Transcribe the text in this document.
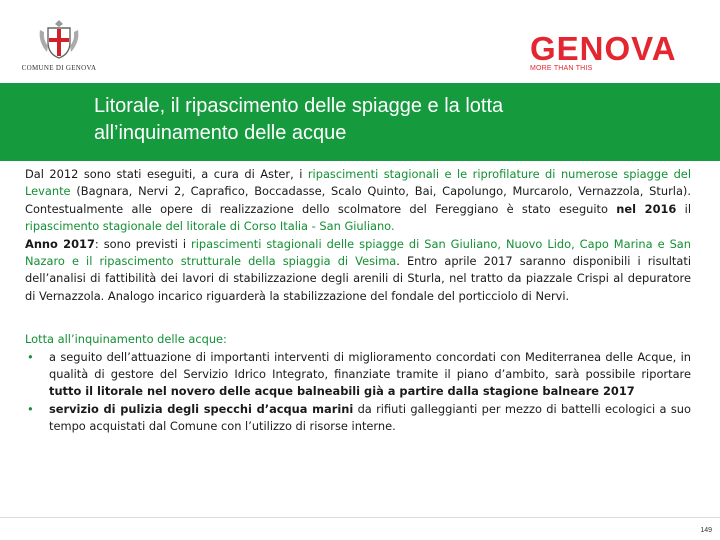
COMUNE DI GENOVA
GENOVA
MORE THAN THIS
Litorale, il ripascimento delle spiagge e la lotta
all’inquinamento delle acque

Dal 2012 sono stati eseguiti, a cura di Aster, i ripascimenti stagionali e le riprofilature di numerose spiagge del Levante (Bagnara, Nervi 2, Caprafico, Boccadasse, Scalo Quinto, Bai, Capolungo, Murcarolo, Vernazzola, Sturla). Contestualmente alle opere di realizzazione dello scolmatore del Fereggiano è stato eseguito nel 2016 il ripascimento stagionale del litorale di Corso Italia - San Giuliano.

Anno 2017: sono previsti i ripascimenti stagionali delle spiagge di San Giuliano, Nuovo Lido, Capo Marina e San Nazaro e il ripascimento strutturale della spiaggia di Vesima. Entro aprile 2017 saranno disponibili i risultati dell’analisi di fattibilità dei lavori di stabilizzazione degli arenili di Sturla, nel tratto da piazzale Crispi al depuratore di Vernazzola. Analogo incarico riguarderà la stabilizzazione del fondale del porticciolo di Nervi.

Lotta all’inquinamento delle acque:

• a seguito dell’attuazione di importanti interventi di miglioramento concordati con Mediterranea delle Acque, in qualità di gestore del Servizio Idrico Integrato, finanziate tramite il piano d’ambito, sarà possibile riportare tutto il litorale nel novero delle acque balneabili già a partire dalla stagione balneare 2017
• servizio di pulizia degli specchi d’acqua marini da rifiuti galleggianti per mezzo di battelli ecologici a suo tempo acquistati dal Comune con l’utilizzo di risorse interne.
149
